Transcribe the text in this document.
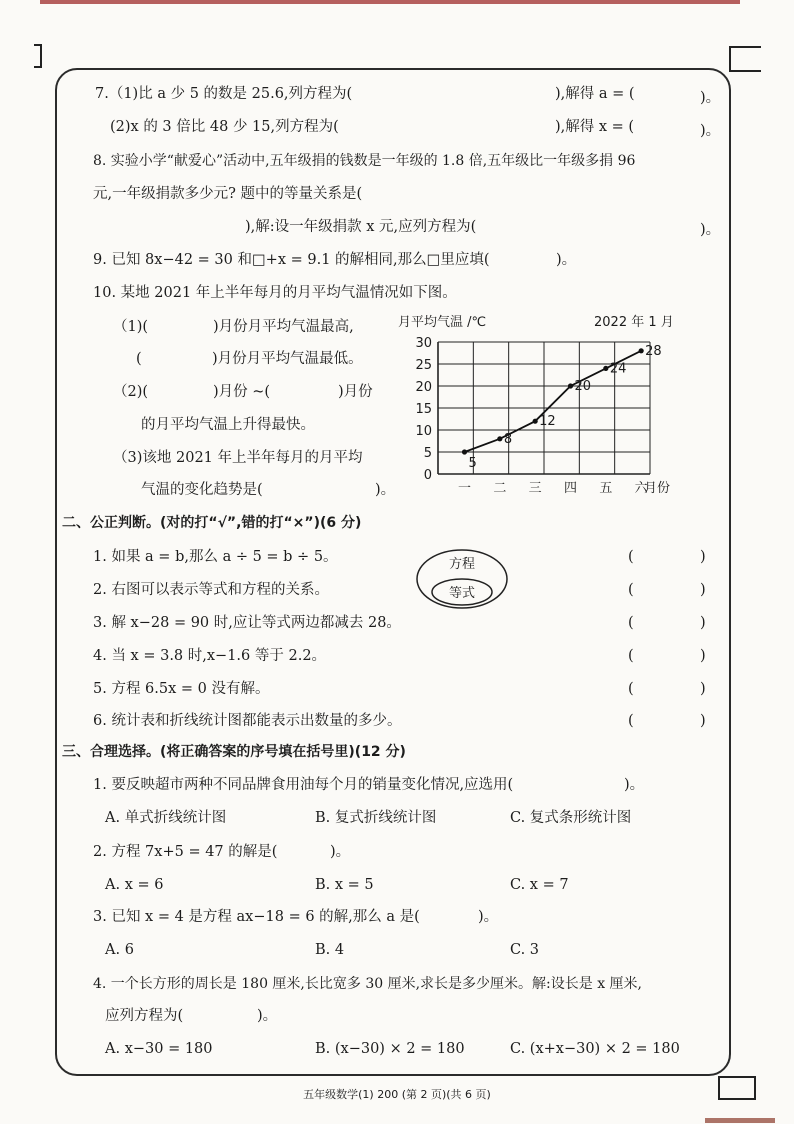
7.（1)比 a 少 5 的数是 25.6,列方程为(	),解得 a = (	)。
(2)x 的 3 倍比 48 少 15,列方程为(	),解得 x = (	)。
8. 实验小学“献爱心”活动中,五年级捐的钱数是一年级的 1.8 倍,五年级比一年级多捐 96
元,一年级捐款多少元? 题中的等量关系是(
),解:设一年级捐款 x 元,应列方程为(	)。
9. 已知 8x−42 = 30 和□+x = 9.1 的解相同,那么□里应填(	)。
10. 某地 2021 年上半年每月的月平均气温情况如下图。
（1)(	)月份月平均气温最高,
(	)月份月平均气温最低。
（2)(	)月份 ~(	)月份
的月平均气温上升得最快。
（3)该地 2021 年上半年每月的月平均
气温的变化趋势是(	)。
月平均气温 /℃	2022 年 1 月
0
5
10
15
20
25
30
一 二 三 四 五 六
5
8
12
20
24
28
月份
二、公正判断。(对的打“√”,错的打“×”)(6 分)
1. 如果 a = b,那么 a ÷ 5 = b ÷ 5。	(	)
2. 右图可以表示等式和方程的关系。	(	)
3. 解 x−28 = 90 时,应让等式两边都减去 28。	(	)
4. 当 x = 3.8 时,x−1.6 等于 2.2。	(	)
5. 方程 6.5x = 0 没有解。	(	)
6. 统计表和折线统计图都能表示出数量的多少。	(	)
方程
等式
三、合理选择。(将正确答案的序号填在括号里)(12 分)
1. 要反映超市两种不同品牌食用油每个月的销量变化情况,应选用(	)。
A. 单式折线统计图	B. 复式折线统计图	C. 复式条形统计图
2. 方程 7x+5 = 47 的解是(	)。
A. x = 6	B. x = 5	C. x = 7
3. 已知 x = 4 是方程 ax−18 = 6 的解,那么 a 是(	)。
A. 6	B. 4	C. 3
4. 一个长方形的周长是 180 厘米,长比宽多 30 厘米,求长是多少厘米。解:设长是 x 厘米,
应列方程为(	)。
A. x−30 = 180	B. (x−30) × 2 = 180	C. (x+x−30) × 2 = 180
五年级数学(1) 200 (第 2 页)(共 6 页)
